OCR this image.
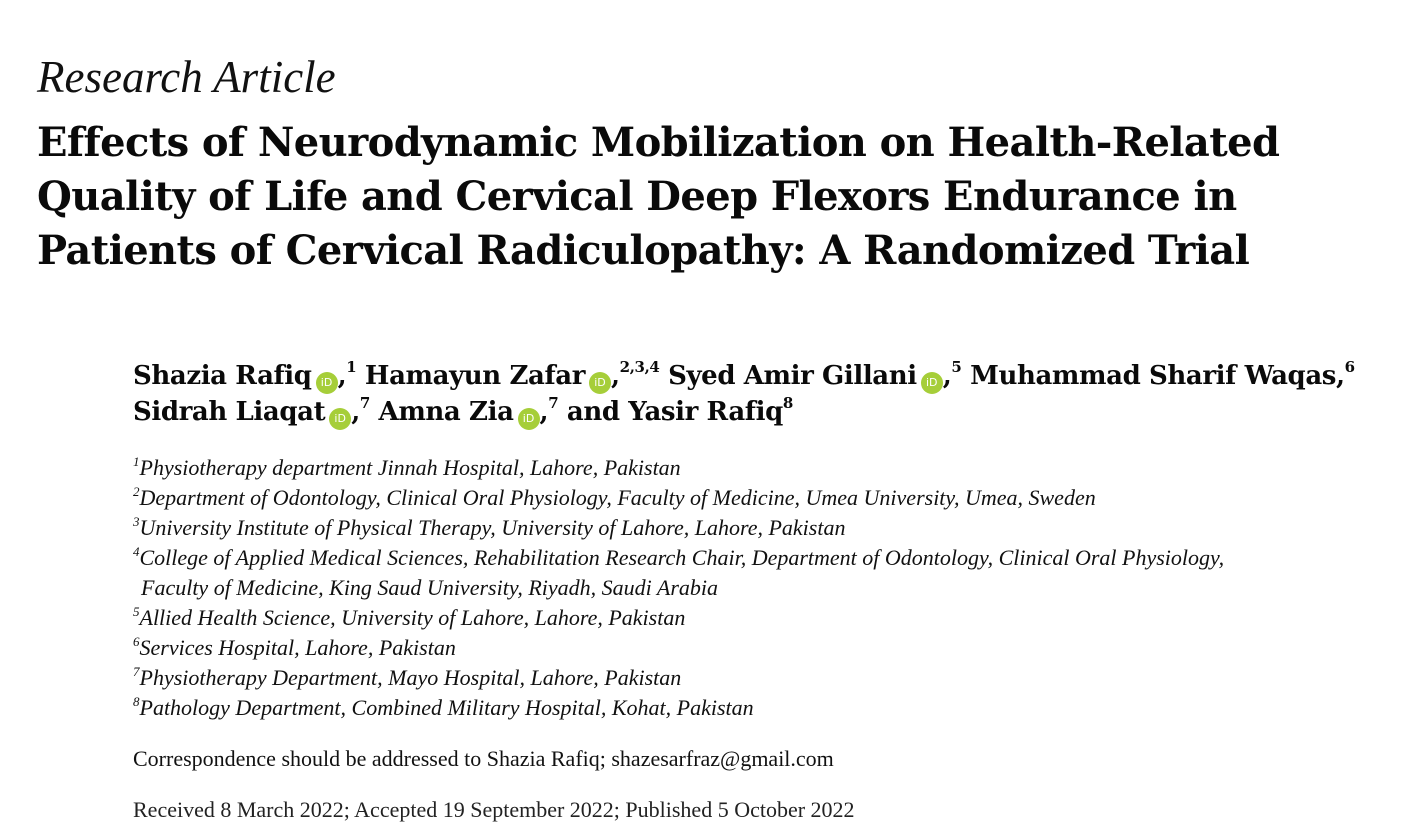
Research Article
Effects of Neurodynamic Mobilization on Health-Related
Quality of Life and Cervical Deep Flexors Endurance in
Patients of Cervical Radiculopathy: A Randomized Trial
Shazia Rafiq iD ,$^1$ Hamayun Zafar iD ,$^{2,3,4}$ Syed Amir Gillani iD ,$^5$ Muhammad Sharif Waqas,$^6$
Sidrah Liaqat iD ,$^7$ Amna Zia iD ,$^7$ and Yasir Rafiq$^8$
$^1$Physiotherapy department Jinnah Hospital, Lahore, Pakistan
$^2$Department of Odontology, Clinical Oral Physiology, Faculty of Medicine, Umea University, Umea, Sweden
$^3$University Institute of Physical Therapy, University of Lahore, Lahore, Pakistan
$^4$College of Applied Medical Sciences, Rehabilitation Research Chair, Department of Odontology, Clinical Oral Physiology,
Faculty of Medicine, King Saud University, Riyadh, Saudi Arabia
$^5$Allied Health Science, University of Lahore, Lahore, Pakistan
$^6$Services Hospital, Lahore, Pakistan
$^7$Physiotherapy Department, Mayo Hospital, Lahore, Pakistan
$^8$Pathology Department, Combined Military Hospital, Kohat, Pakistan
Correspondence should be addressed to Shazia Rafiq; shazesarfraz@gmail.com
Received 8 March 2022; Accepted 19 September 2022; Published 5 October 2022
